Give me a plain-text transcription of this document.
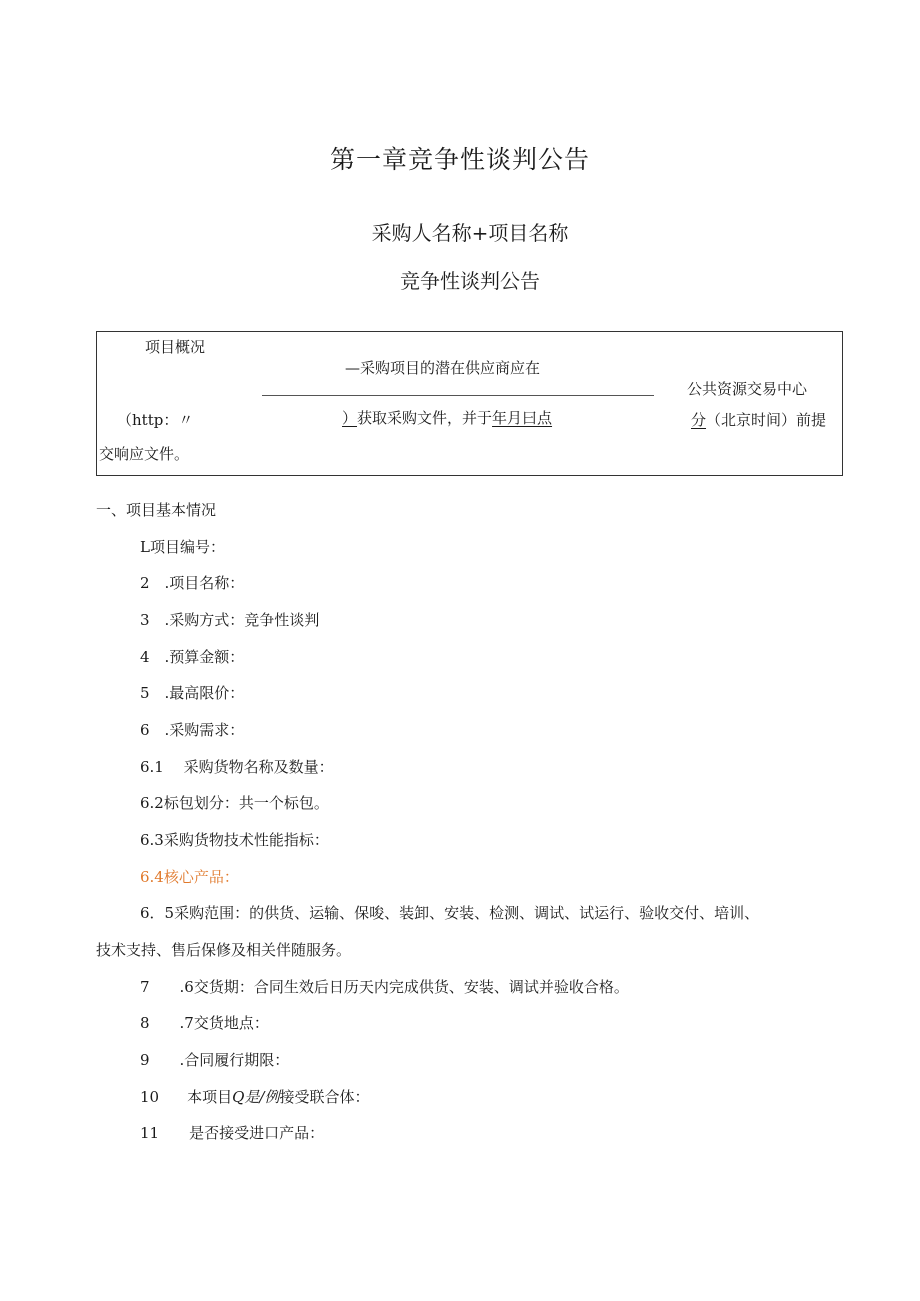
第一章竞争性谈判公告
采购人名称+项目名称
竞争性谈判公告
项目概况
—采购项目的潜在供应商应在
公共资源交易中心
（http：〃	）获取采购文件，并于年月曰点	分（北京时间）前提
交响应文件。
一、项目基本情况
L项目编号：
2　.项目名称：
3　.采购方式：竞争性谈判
4　.预算金额：
5　.最高限价：
6　.采购需求：
6.1　 采购货物名称及数量：
6.2标包划分：共一个标包。
6.3采购货物技术性能指标：
6.4核心产品：
6．5采购范围：的供货、运输、保唆、装卸、安装、检测、调试、试运行、验收交付、培训、
技术支持、售后保修及相关伴随服务。
7　　.6交货期：合同生效后日历天内完成供货、安装、调试并验收合格。
8　　.7交货地点：
9　　.合同履行期限：
10 本项目Q是/例接受联合体：
11　　是否接受进口产品：
